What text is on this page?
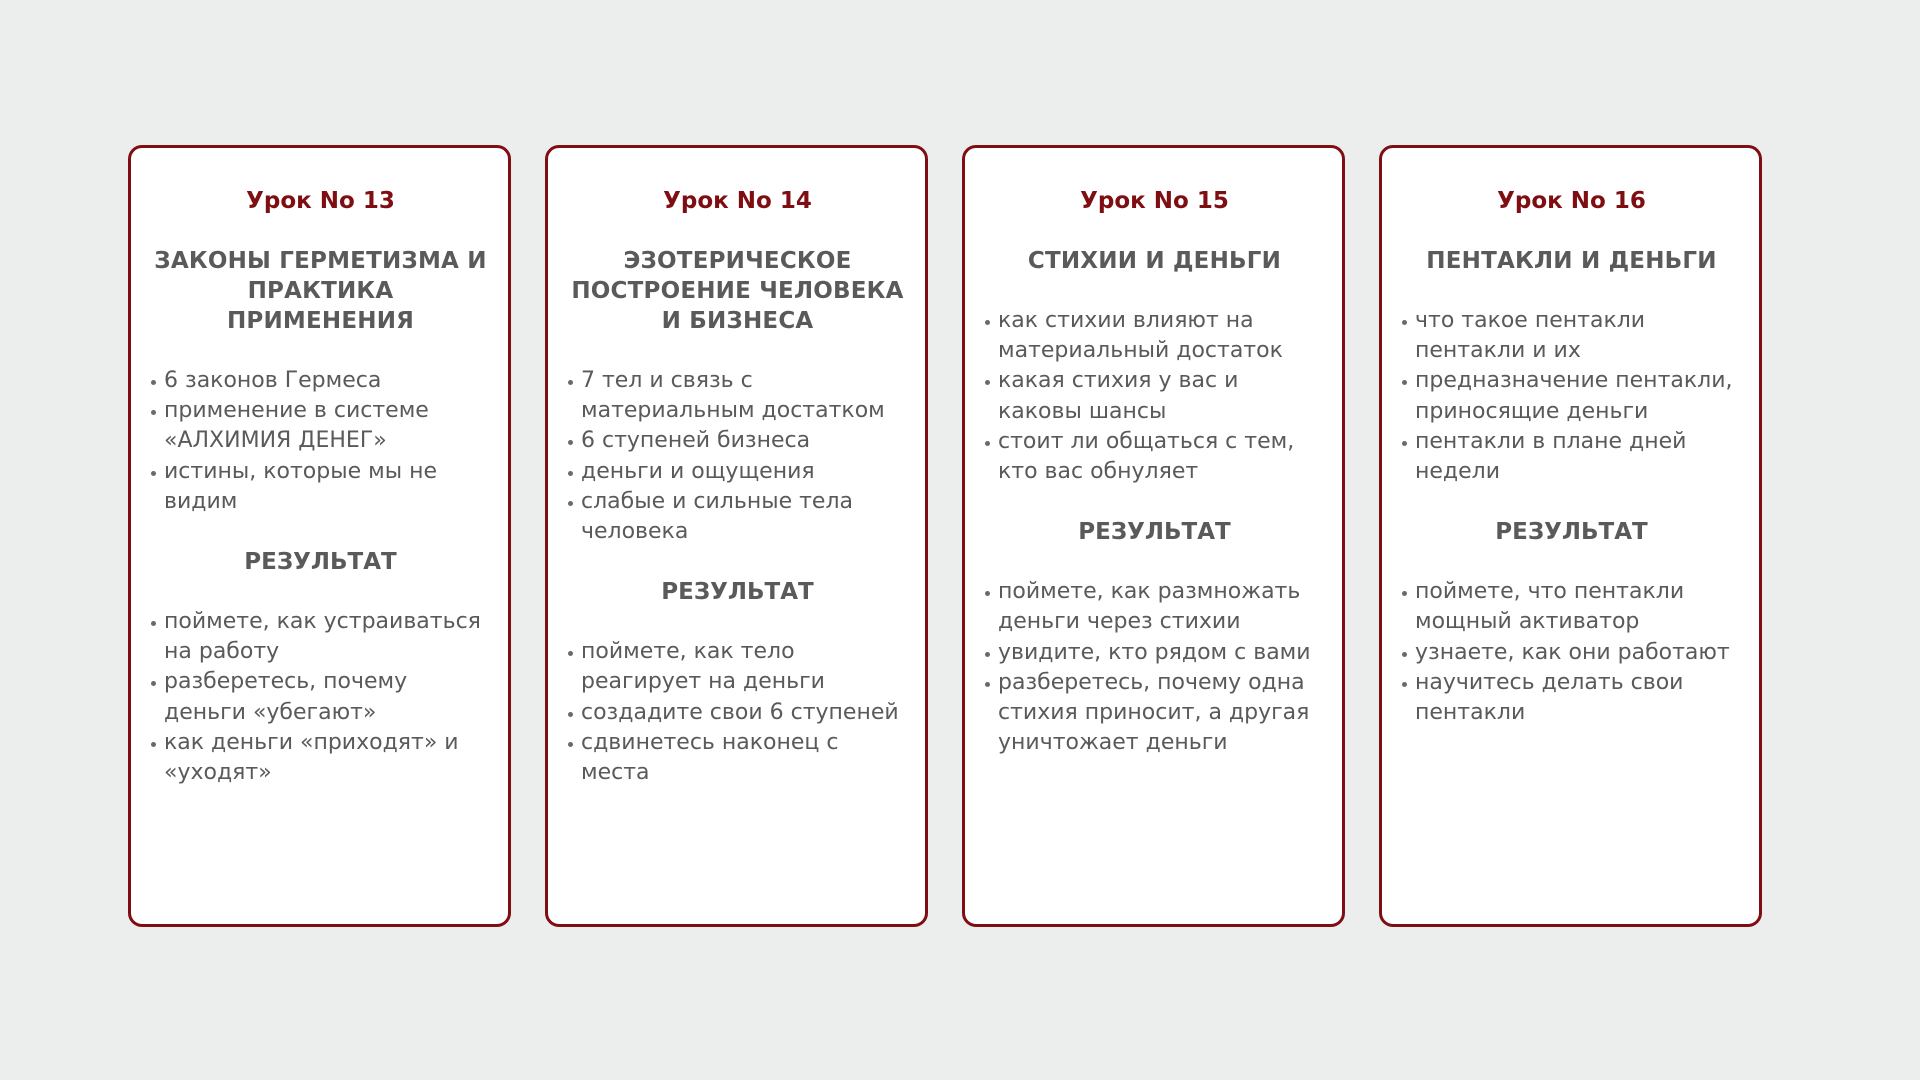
Урок No 13
ЗАКОНЫ ГЕРМЕТИЗМА И ПРАКТИКА ПРИМЕНЕНИЯ
6 законов Гермеса
применение в системе «АЛХИМИЯ ДЕНЕГ»
истины, которые мы не видим
РЕЗУЛЬТАТ
поймете, как устраиваться на работу
разберетесь, почему деньги «убегают»
как деньги «приходят» и «уходят»
Урок No 14
ЭЗОТЕРИЧЕСКОЕ ПОСТРОЕНИЕ ЧЕЛОВЕКА И БИЗНЕСА
7 тел и связь с материальным достатком
6 ступеней бизнеса
деньги и ощущения
слабые и сильные тела человека
РЕЗУЛЬТАТ
поймете, как тело реагирует на деньги
создадите свои 6 ступеней
сдвинетесь наконец с места
Урок No 15
СТИХИИ И ДЕНЬГИ
как стихии влияют на материальный достаток
какая стихия у вас и каковы шансы
стоит ли общаться с тем, кто вас обнуляет
РЕЗУЛЬТАТ
поймете, как размножать деньги через стихии
увидите, кто рядом с вами
разберетесь, почему одна стихия приносит, а другая уничтожает деньги
Урок No 16
ПЕНТАКЛИ И ДЕНЬГИ
что такое пентакли пентакли и их
предназначение пентакли, приносящие деньги
пентакли в плане дней недели
РЕЗУЛЬТАТ
поймете, что пентакли мощный активатор
узнаете, как они работают
научитесь делать свои пентакли
